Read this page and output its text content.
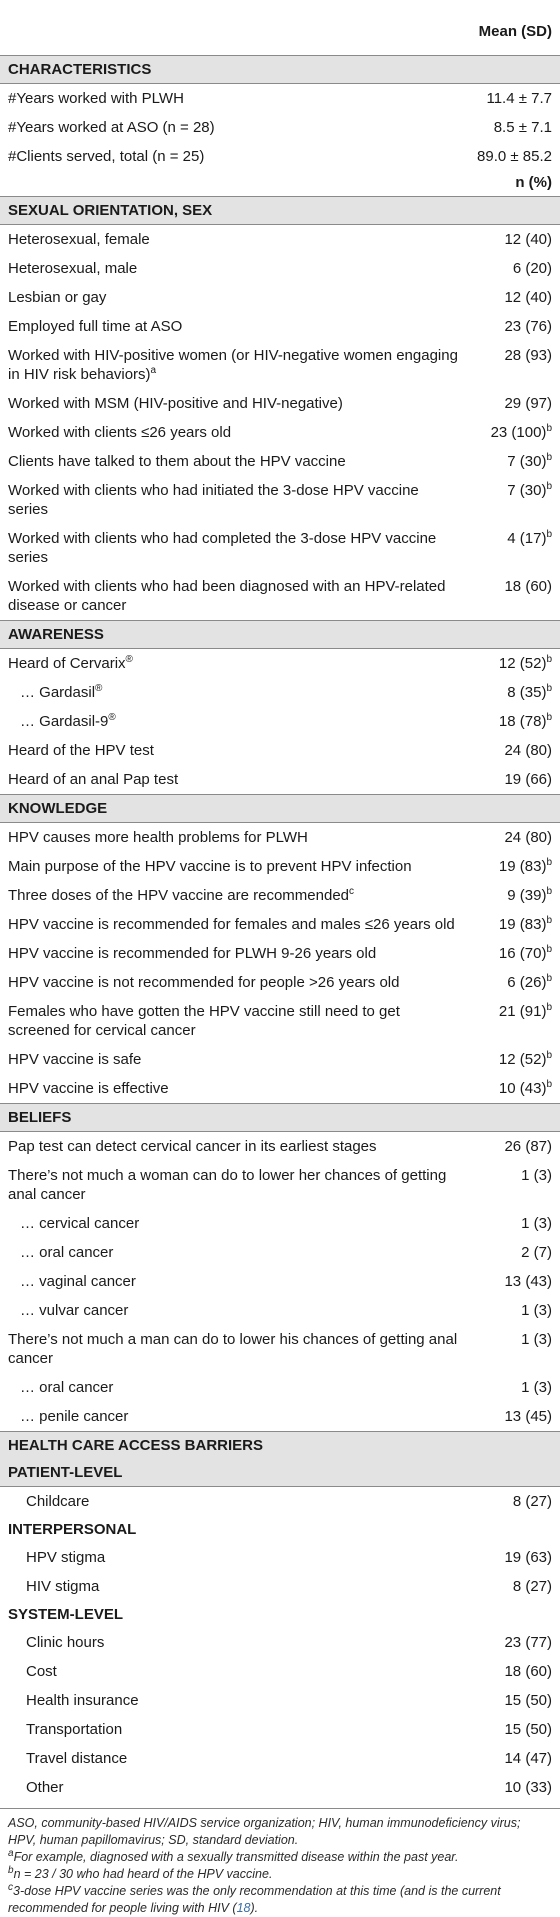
	Mean (SD)
CHARACTERISTICS	
#Years worked with PLWH	11.4 ± 7.7
#Years worked at ASO (n = 28)	8.5 ± 7.1
#Clients served, total (n = 25)	89.0 ± 85.2
	n (%)
SEXUAL ORIENTATION, SEX	
Heterosexual, female	12 (40)
Heterosexual, male	6 (20)
Lesbian or gay	12 (40)
Employed full time at ASO	23 (76)
Worked with HIV-positive women (or HIV-negative women engaging in HIV risk behaviors)$^a$	28 (93)
Worked with MSM (HIV-positive and HIV-negative)	29 (97)
Worked with clients ≤26 years old	23 $(100)^b$
Clients have talked to them about the HPV vaccine	7 $(30)^b$
Worked with clients who had initiated the 3-dose HPV vaccine series	7 $(30)^b$
Worked with clients who had completed the 3-dose HPV vaccine series	4 $(17)^b$
Worked with clients who had been diagnosed with an HPV-related disease or cancer	18 (60)
AWARENESS	
Heard of Cervarix®	12 $(52)^b$
… Gardasil®	8 $(35)^b$
… Gardasil-9®	18 $(78)^b$
Heard of the HPV test	24 (80)
Heard of an anal Pap test	19 (66)
KNOWLEDGE	
HPV causes more health problems for PLWH	24 (80)
Main purpose of the HPV vaccine is to prevent HPV infection	19 $(83)^b$
Three doses of the HPV vaccine are recommended$^c$	9 $(39)^b$
HPV vaccine is recommended for females and males ≤26 years old	19 $(83)^b$
HPV vaccine is recommended for PLWH 9-26 years old	16 $(70)^b$
HPV vaccine is not recommended for people >26 years old	6 $(26)^b$
Females who have gotten the HPV vaccine still need to get screened for cervical cancer	21 $(91)^b$
HPV vaccine is safe	12 $(52)^b$
HPV vaccine is effective	10 $(43)^b$
BELIEFS	
Pap test can detect cervical cancer in its earliest stages	26 (87)
There’s not much a woman can do to lower her chances of getting anal cancer	1 (3)
… cervical cancer	1 (3)
… oral cancer	2 (7)
… vaginal cancer	13 (43)
… vulvar cancer	1 (3)
There’s not much a man can do to lower his chances of getting anal cancer	1 (3)
… oral cancer	1 (3)
… penile cancer	13 (45)
HEALTH CARE ACCESS BARRIERS	
PATIENT-LEVEL	
Childcare	8 (27)
INTERPERSONAL	
HPV stigma	19 (63)
HIV stigma	8 (27)
SYSTEM-LEVEL	
Clinic hours	23 (77)
Cost	18 (60)
Health insurance	15 (50)
Transportation	15 (50)
Travel distance	14 (47)
Other	10 (33)

ASO, community-based HIV/AIDS service organization; HIV, human immunodeficiency virus; HPV, human papillomavirus; SD, standard deviation.

$^a$For example, diagnosed with a sexually transmitted disease within the past year.

$^b$n = 23 / 30 who had heard of the HPV vaccine.

$^c$3-dose HPV vaccine series was the only recommendation at this time (and is the current recommended for people living with HIV (18).
